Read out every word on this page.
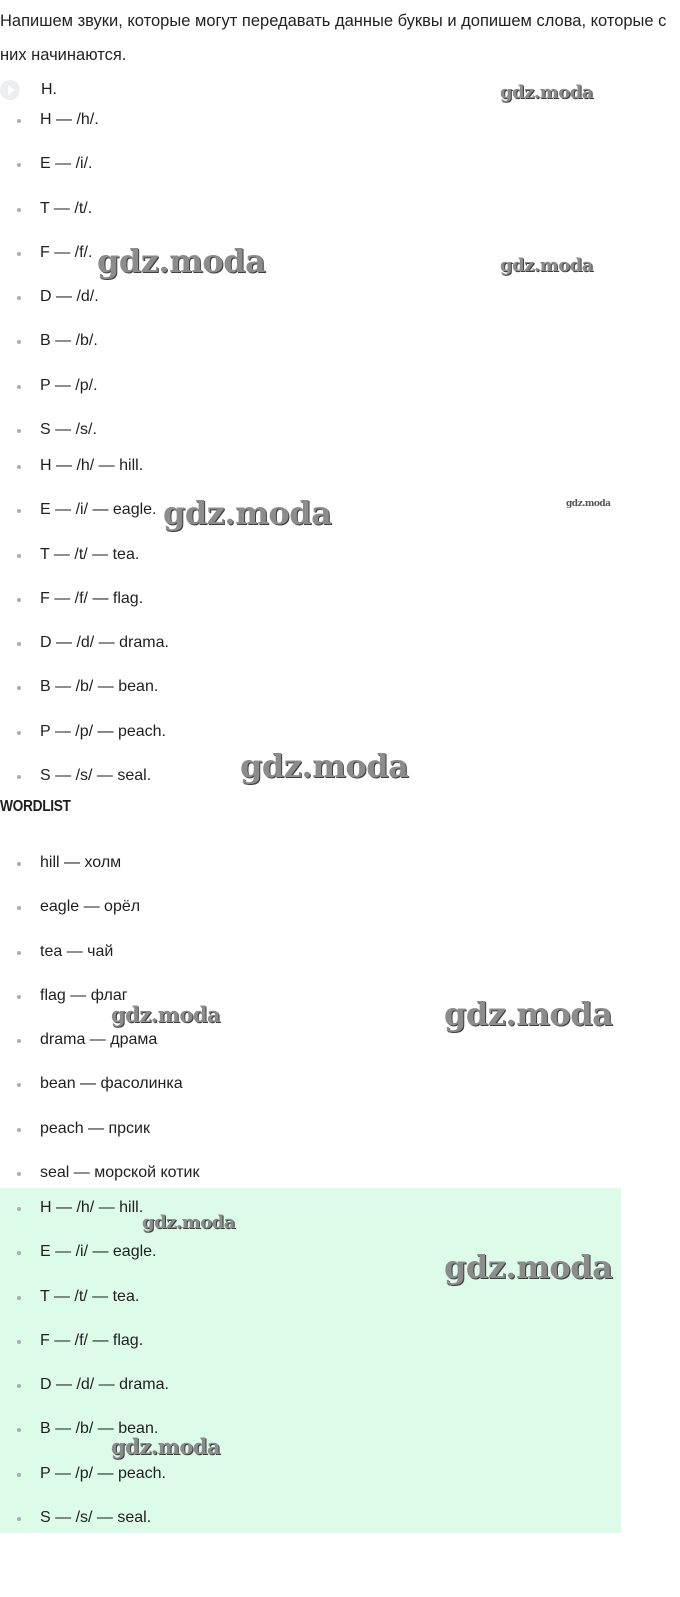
Напишем звуки, которые могут передавать данные буквы и допишем слова, которые с них начинаются.
H.
H — /h/.
E — /i/.
T — /t/.
F — /f/.
D — /d/.
B — /b/.
P — /p/.
S — /s/.
H — /h/ — hill.
E — /i/ — eagle.
T — /t/ — tea.
F — /f/ — flag.
D — /d/ — drama.
B — /b/ — bean.
P — /p/ — peach.
S — /s/ — seal.
WORDLIST
hill — холм
eagle — орёл
tea — чай
flag — флаг
drama — драма
bean — фасолинка
peach — прсик
seal — морской котик
H — /h/ — hill.
E — /i/ — eagle.
T — /t/ — tea.
F — /f/ — flag.
D — /d/ — drama.
B — /b/ — bean.
P — /p/ — peach.
S — /s/ — seal.
gdz.moda
gdz.moda	gdz.moda
gdz.moda	gdz.moda
gdz.moda
gdz.moda	gdz.moda
gdz.moda
gdz.moda
gdz.moda
